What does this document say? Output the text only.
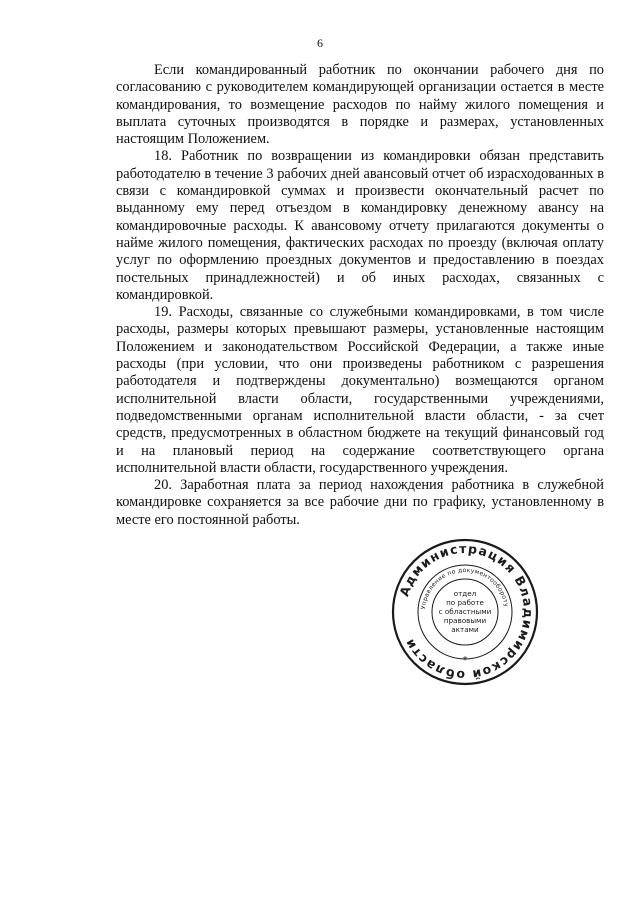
6

Если командированный работник по окончании рабочего дня по согласованию с руководителем командирующей организации остается в месте командирования, то возмещение расходов по найму жилого помещения и выплата суточных производятся в порядке и размерах, установленных настоящим Положением.

18. Работник по возвращении из командировки обязан представить работодателю в течение 3 рабочих дней авансовый отчет об израсходованных в связи с командировкой суммах и произвести окончательный расчет по выданному ему перед отъездом в командировку денежному авансу на командировочные расходы. К авансовому отчету прилагаются документы о найме жилого помещения, фактических расходах по проезду (включая оплату услуг по оформлению проездных документов и предоставлению в поездах постельных принадлежностей) и об иных расходах, связанных с командировкой.

19. Расходы, связанные со служебными командировками, в том числе расходы, размеры которых превышают размеры, установленные настоящим Положением и законодательством Российской Федерации, а также иные расходы (при условии, что они произведены работником с разрешения работодателя и подтверждены документально) возмещаются органом исполнительной власти области, государственными учреждениями, подведомственными органам исполнительной власти области, - за счет средств, предусмотренных в областном бюджете на текущий финансовый год и на плановый период на содержание соответствующего органа исполнительной власти области, государственного учреждения.

20. Заработная плата за период нахождения работника в служебной командировке сохраняется за все рабочие дни по графику, установленному в месте его постоянной работы.

Администрация Владимирской области
Управление по документообороту
отдел
по работе
с областными
правовыми
актами
*
